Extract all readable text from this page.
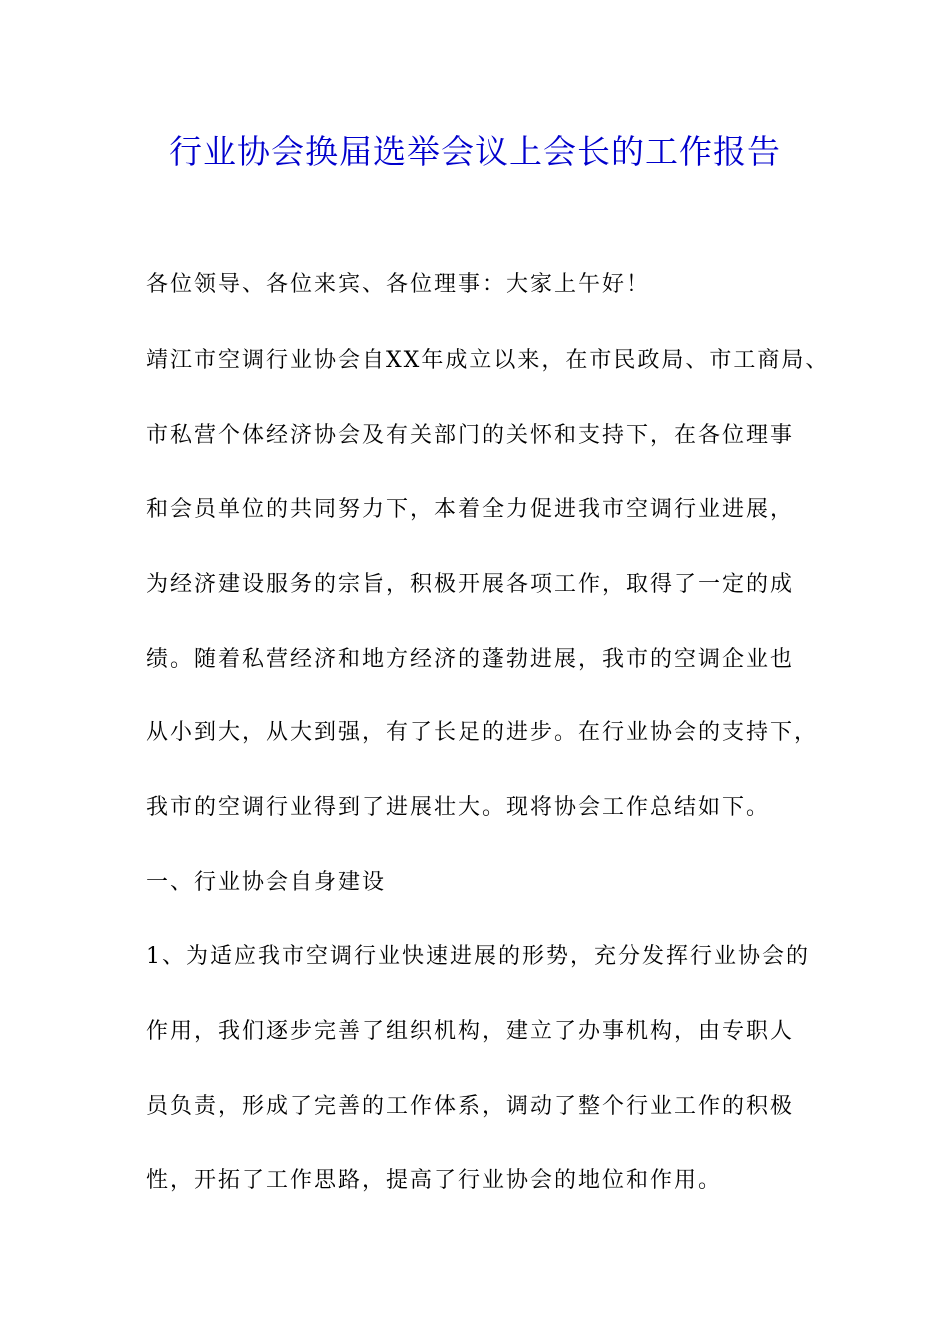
行业协会换届选举会议上会长的工作报告
各位领导、各位来宾、各位理事：大家上午好！
靖江市空调行业协会自XX年成立以来，在市民政局、市工商局、
市私营个体经济协会及有关部门的关怀和支持下，在各位理事
和会员单位的共同努力下，本着全力促进我市空调行业进展，
为经济建设服务的宗旨，积极开展各项工作，取得了一定的成
绩。随着私营经济和地方经济的蓬勃进展，我市的空调企业也
从小到大，从大到强，有了长足的进步。在行业协会的支持下，
我市的空调行业得到了进展壮大。现将协会工作总结如下。
一、行业协会自身建设
1、为适应我市空调行业快速进展的形势，充分发挥行业协会的
作用，我们逐步完善了组织机构，建立了办事机构，由专职人
员负责，形成了完善的工作体系，调动了整个行业工作的积极
性，开拓了工作思路，提高了行业协会的地位和作用。
